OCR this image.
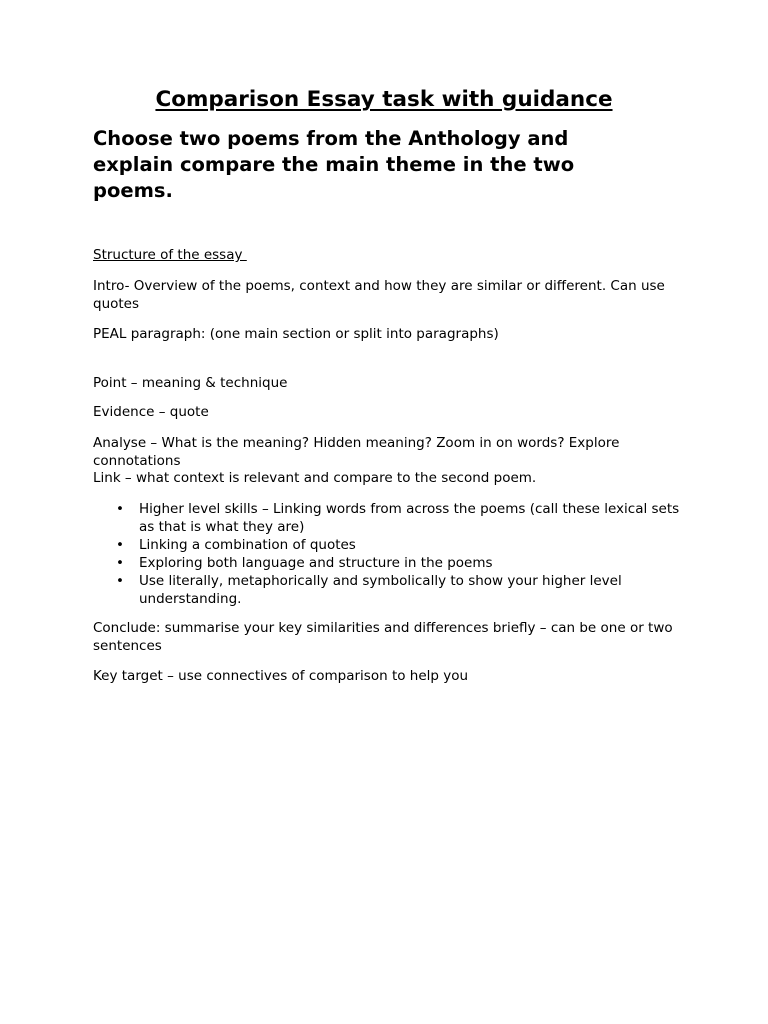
Comparison Essay task with guidance

Choose two poems from the Anthology and explain compare the main theme in the two poems.

Structure of the essay

Intro- Overview of the poems, context and how they are similar or different. Can use quotes

PEAL paragraph: (one main section or split into paragraphs)

Point – meaning & technique

Evidence – quote

Analyse – What is the meaning? Hidden meaning? Zoom in on words? Explore connotations

Link – what context is relevant and compare to the second poem.

• Higher level skills – Linking words from across the poems (call these lexical sets as that is what they are)
• Linking a combination of quotes
• Exploring both language and structure in the poems
• Use literally, metaphorically and symbolically to show your higher level understanding.

Conclude: summarise your key similarities and differences briefly – can be one or two sentences

Key target – use connectives of comparison to help you
